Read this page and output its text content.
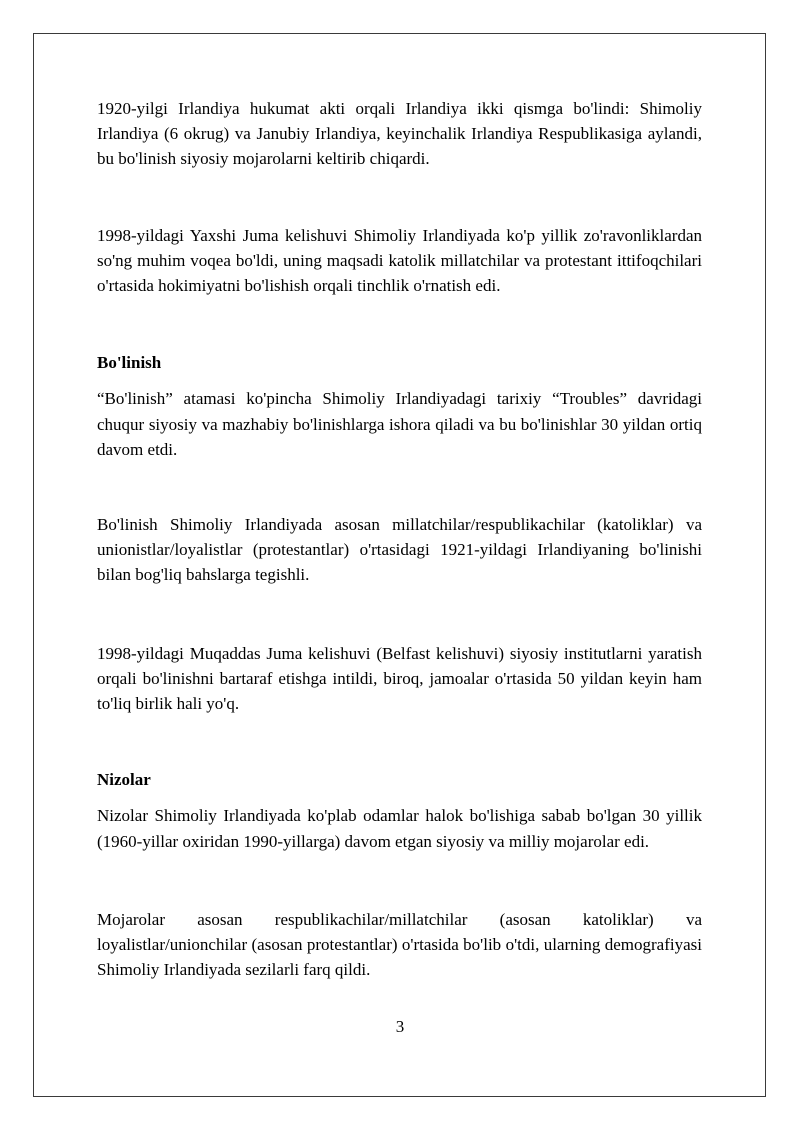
1920-yilgi Irlandiya hukumat akti orqali Irlandiya ikki qismga bo'lindi: Shimoliy Irlandiya (6 okrug) va Janubiy Irlandiya, keyinchalik Irlandiya Respublikasiga aylandi, bu bo'linish siyosiy mojarolarni keltirib chiqardi.

1998-yildagi Yaxshi Juma kelishuvi Shimoliy Irlandiyada ko'p yillik zo'ravonliklardan so'ng muhim voqea bo'ldi, uning maqsadi katolik millatchilar va protestant ittifoqchilari o'rtasida hokimiyatni bo'lishish orqali tinchlik o'rnatish edi.

Bo'linish

“Bo'linish” atamasi ko'pincha Shimoliy Irlandiyadagi tarixiy “Troubles” davridagi chuqur siyosiy va mazhabiy bo'linishlarga ishora qiladi va bu bo'linishlar 30 yildan ortiq davom etdi.

Bo'linish Shimoliy Irlandiyada asosan millatchilar/respublikachilar (katoliklar) va unionistlar/loyalistlar (protestantlar) o'rtasidagi 1921-yildagi Irlandiyaning bo'linishi bilan bog'liq bahslarga tegishli.

1998-yildagi Muqaddas Juma kelishuvi (Belfast kelishuvi) siyosiy institutlarni yaratish orqali bo'linishni bartaraf etishga intildi, biroq, jamoalar o'rtasida 50 yildan keyin ham to'liq birlik hali yo'q.

Nizolar

Nizolar Shimoliy Irlandiyada ko'plab odamlar halok bo'lishiga sabab bo'lgan 30 yillik (1960-yillar oxiridan 1990-yillarga) davom etgan siyosiy va milliy mojarolar edi.

Mojarolar asosan respublikachilar/millatchilar (asosan katoliklar) va loyalistlar/unionchilar (asosan protestantlar) o'rtasida bo'lib o'tdi, ularning demografiyasi Shimoliy Irlandiyada sezilarli farq qildi.

3
